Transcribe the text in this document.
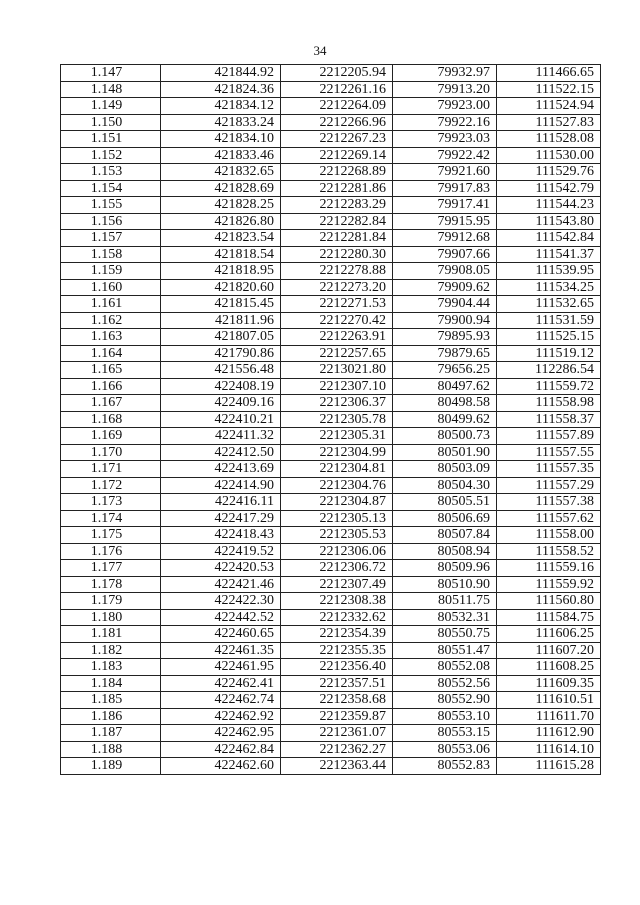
34
1.147	421844.92	2212205.94	79932.97	111466.65
1.148	421824.36	2212261.16	79913.20	111522.15
1.149	421834.12	2212264.09	79923.00	111524.94
1.150	421833.24	2212266.96	79922.16	111527.83
1.151	421834.10	2212267.23	79923.03	111528.08
1.152	421833.46	2212269.14	79922.42	111530.00
1.153	421832.65	2212268.89	79921.60	111529.76
1.154	421828.69	2212281.86	79917.83	111542.79
1.155	421828.25	2212283.29	79917.41	111544.23
1.156	421826.80	2212282.84	79915.95	111543.80
1.157	421823.54	2212281.84	79912.68	111542.84
1.158	421818.54	2212280.30	79907.66	111541.37
1.159	421818.95	2212278.88	79908.05	111539.95
1.160	421820.60	2212273.20	79909.62	111534.25
1.161	421815.45	2212271.53	79904.44	111532.65
1.162	421811.96	2212270.42	79900.94	111531.59
1.163	421807.05	2212263.91	79895.93	111525.15
1.164	421790.86	2212257.65	79879.65	111519.12
1.165	421556.48	2213021.80	79656.25	112286.54
1.166	422408.19	2212307.10	80497.62	111559.72
1.167	422409.16	2212306.37	80498.58	111558.98
1.168	422410.21	2212305.78	80499.62	111558.37
1.169	422411.32	2212305.31	80500.73	111557.89
1.170	422412.50	2212304.99	80501.90	111557.55
1.171	422413.69	2212304.81	80503.09	111557.35
1.172	422414.90	2212304.76	80504.30	111557.29
1.173	422416.11	2212304.87	80505.51	111557.38
1.174	422417.29	2212305.13	80506.69	111557.62
1.175	422418.43	2212305.53	80507.84	111558.00
1.176	422419.52	2212306.06	80508.94	111558.52
1.177	422420.53	2212306.72	80509.96	111559.16
1.178	422421.46	2212307.49	80510.90	111559.92
1.179	422422.30	2212308.38	80511.75	111560.80
1.180	422442.52	2212332.62	80532.31	111584.75
1.181	422460.65	2212354.39	80550.75	111606.25
1.182	422461.35	2212355.35	80551.47	111607.20
1.183	422461.95	2212356.40	80552.08	111608.25
1.184	422462.41	2212357.51	80552.56	111609.35
1.185	422462.74	2212358.68	80552.90	111610.51
1.186	422462.92	2212359.87	80553.10	111611.70
1.187	422462.95	2212361.07	80553.15	111612.90
1.188	422462.84	2212362.27	80553.06	111614.10
1.189	422462.60	2212363.44	80552.83	111615.28
